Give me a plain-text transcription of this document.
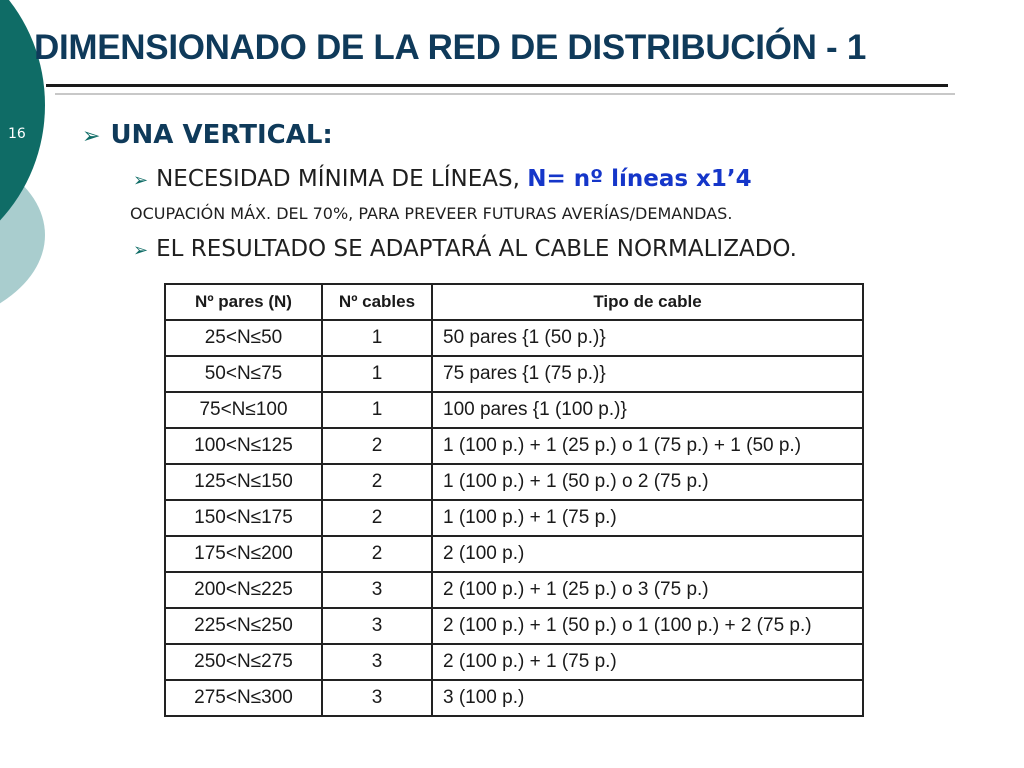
16
DIMENSIONADO DE LA RED DE DISTRIBUCIÓN - 1
➢ UNA VERTICAL:
➢ NECESIDAD MÍNIMA DE LÍNEAS, N= nº líneas x1’4
OCUPACIÓN MÁX. DEL 70%, PARA PREVEER FUTURAS AVERÍAS/DEMANDAS.
➢ EL RESULTADO SE ADAPTARÁ AL CABLE NORMALIZADO.
Nº pares (N)	Nº cables	Tipo de cable
25<N≤50	1	50 pares {1 (50 p.)}
50<N≤75	1	75 pares {1 (75 p.)}
75<N≤100	1	100 pares {1 (100 p.)}
100<N≤125	2	1 (100 p.) + 1 (25 p.) o 1 (75 p.) + 1 (50 p.)
125<N≤150	2	1 (100 p.) + 1 (50 p.) o 2 (75 p.)
150<N≤175	2	1 (100 p.) + 1 (75 p.)
175<N≤200	2	2 (100 p.)
200<N≤225	3	2 (100 p.) + 1 (25 p.) o 3 (75 p.)
225<N≤250	3	2 (100 p.) + 1 (50 p.) o 1 (100 p.) + 2 (75 p.)
250<N≤275	3	2 (100 p.) + 1 (75 p.)
275<N≤300	3	3 (100 p.)
